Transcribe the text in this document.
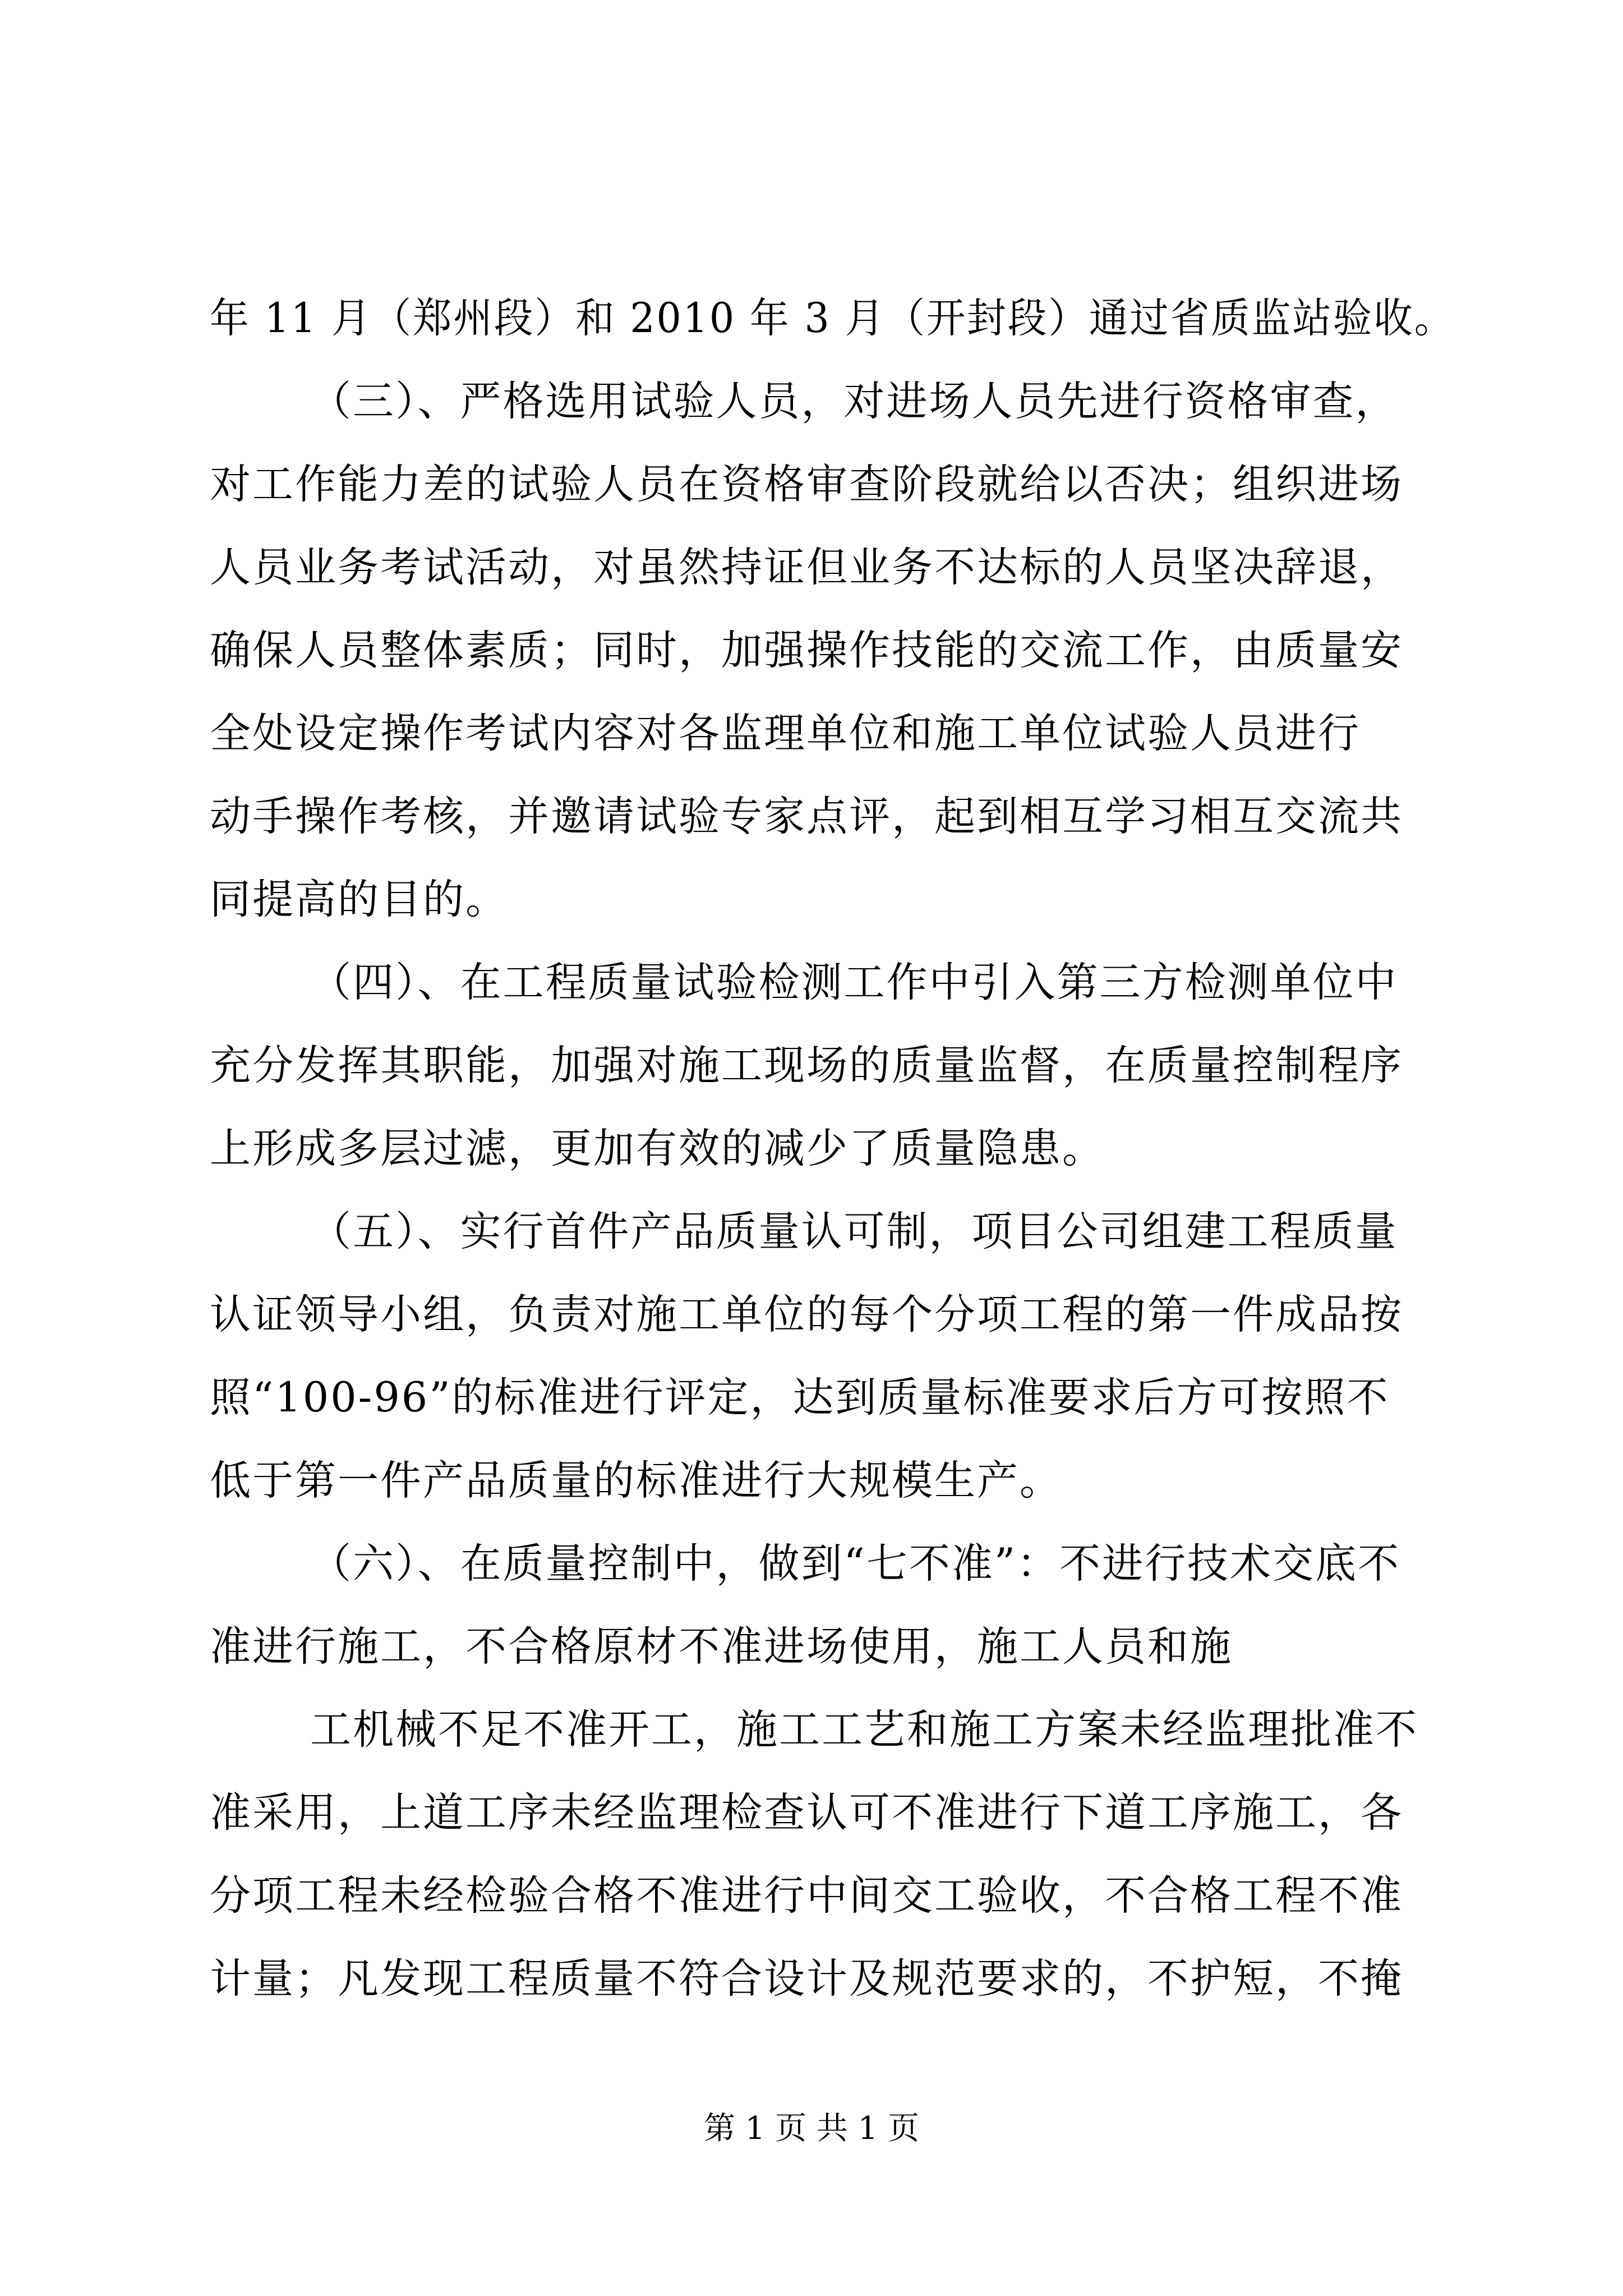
年 11 月（郑州段）和 2010 年 3 月（开封段）通过省质监站验收。
（三）、严格选用试验人员，对进场人员先进行资格审查，
对工作能力差的试验人员在资格审查阶段就给以否决；组织进场
人员业务考试活动，对虽然持证但业务不达标的人员坚决辞退，
确保人员整体素质；同时，加强操作技能的交流工作，由质量安
全处设定操作考试内容对各监理单位和施工单位试验人员进行
动手操作考核，并邀请试验专家点评，起到相互学习相互交流共
同提高的目的。
（四）、在工程质量试验检测工作中引入第三方检测单位中
充分发挥其职能，加强对施工现场的质量监督，在质量控制程序
上形成多层过滤，更加有效的减少了质量隐患。
（五）、实行首件产品质量认可制，项目公司组建工程质量
认证领导小组，负责对施工单位的每个分项工程的第一件成品按
照“100-96”的标准进行评定，达到质量标准要求后方可按照不
低于第一件产品质量的标准进行大规模生产。
（六）、在质量控制中，做到“七不准”：不进行技术交底不
准进行施工，不合格原材不准进场使用，施工人员和施
工机械不足不准开工，施工工艺和施工方案未经监理批准不
准采用，上道工序未经监理检查认可不准进行下道工序施工，各
分项工程未经检验合格不准进行中间交工验收，不合格工程不准
计量；凡发现工程质量不符合设计及规范要求的，不护短，不掩
第 1 页 共 1 页
